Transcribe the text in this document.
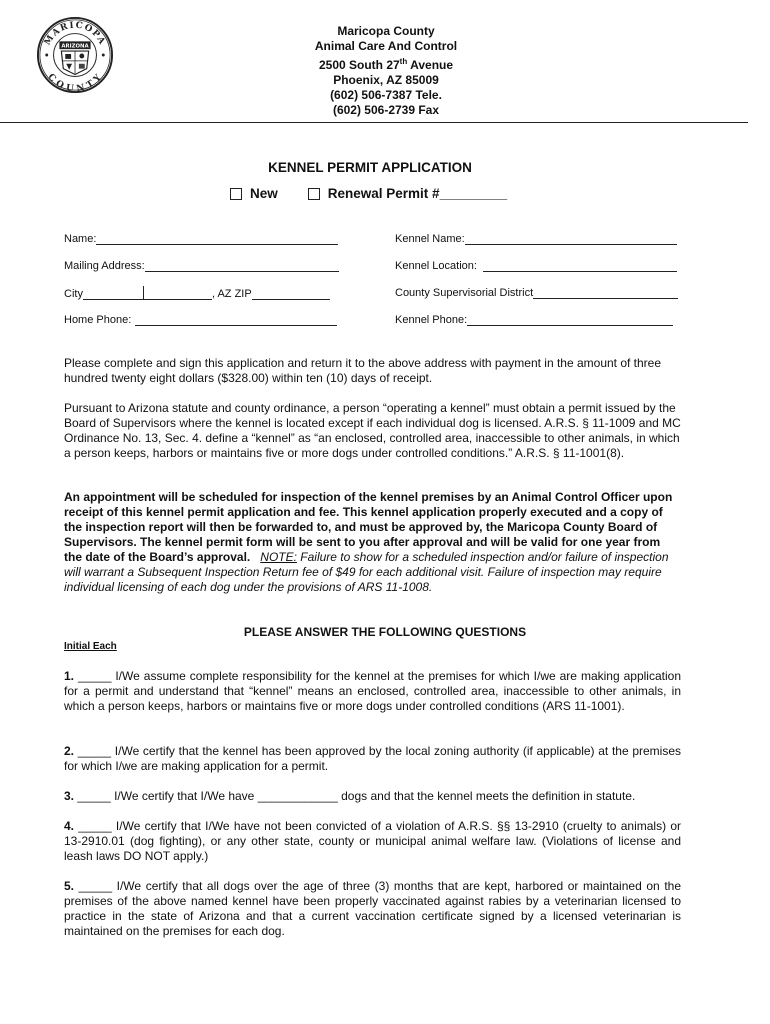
MARICOPA
COUNTY
ARIZONA
Maricopa County
Animal Care And Control
2500 South 27th Avenue
Phoenix, AZ 85009
(602) 506-7387 Tele.
(602) 506-2739 Fax
KENNEL PERMIT APPLICATION
New	Renewal Permit #_________
Name:
Mailing Address:
City	, AZ ZIP
Home Phone:
Kennel Name:
Kennel Location:
County Supervisorial District
Kennel Phone:
Please complete and sign this application and return it to the above address with payment in the amount of three hundred twenty eight dollars ($328.00) within ten (10) days of receipt.
Pursuant to Arizona statute and county ordinance, a person “operating a kennel” must obtain a permit issued by the Board of Supervisors where the kennel is located except if each individual dog is licensed. A.R.S. § 11-1009 and MC Ordinance No. 13, Sec. 4. define a “kennel” as “an enclosed, controlled area, inaccessible to other animals, in which a person keeps, harbors or maintains five or more dogs under controlled conditions.” A.R.S. § 11-1001(8).
An appointment will be scheduled for inspection of the kennel premises by an Animal Control Officer upon receipt of this kennel permit application and fee. This kennel application properly executed and a copy of the inspection report will then be forwarded to, and must be approved by, the Maricopa County Board of Supervisors. The kennel permit form will be sent to you after approval and will be valid for one year from the date of the Board’s approval. NOTE: Failure to show for a scheduled inspection and/or failure of inspection will warrant a Subsequent Inspection Return fee of $49 for each additional visit. Failure of inspection may require individual licensing of each dog under the provisions of ARS 11-1008.
PLEASE ANSWER THE FOLLOWING QUESTIONS
Initial Each
1. _____ I/We assume complete responsibility for the kennel at the premises for which I/we are making application for a permit and understand that “kennel” means an enclosed, controlled area, inaccessible to other animals, in which a person keeps, harbors or maintains five or more dogs under controlled conditions (ARS 11-1001).
2. _____ I/We certify that the kennel has been approved by the local zoning authority (if applicable) at the premises for which I/we are making application for a permit.
3. _____ I/We certify that I/We have ____________ dogs and that the kennel meets the definition in statute.
4. _____ I/We certify that I/We have not been convicted of a violation of A.R.S. §§ 13-2910 (cruelty to animals) or 13-2910.01 (dog fighting), or any other state, county or municipal animal welfare law. (Violations of license and leash laws DO NOT apply.)
5. _____ I/We certify that all dogs over the age of three (3) months that are kept, harbored or maintained on the premises of the above named kennel have been properly vaccinated against rabies by a veterinarian licensed to practice in the state of Arizona and that a current vaccination certificate signed by a licensed veterinarian is maintained on the premises for each dog.
